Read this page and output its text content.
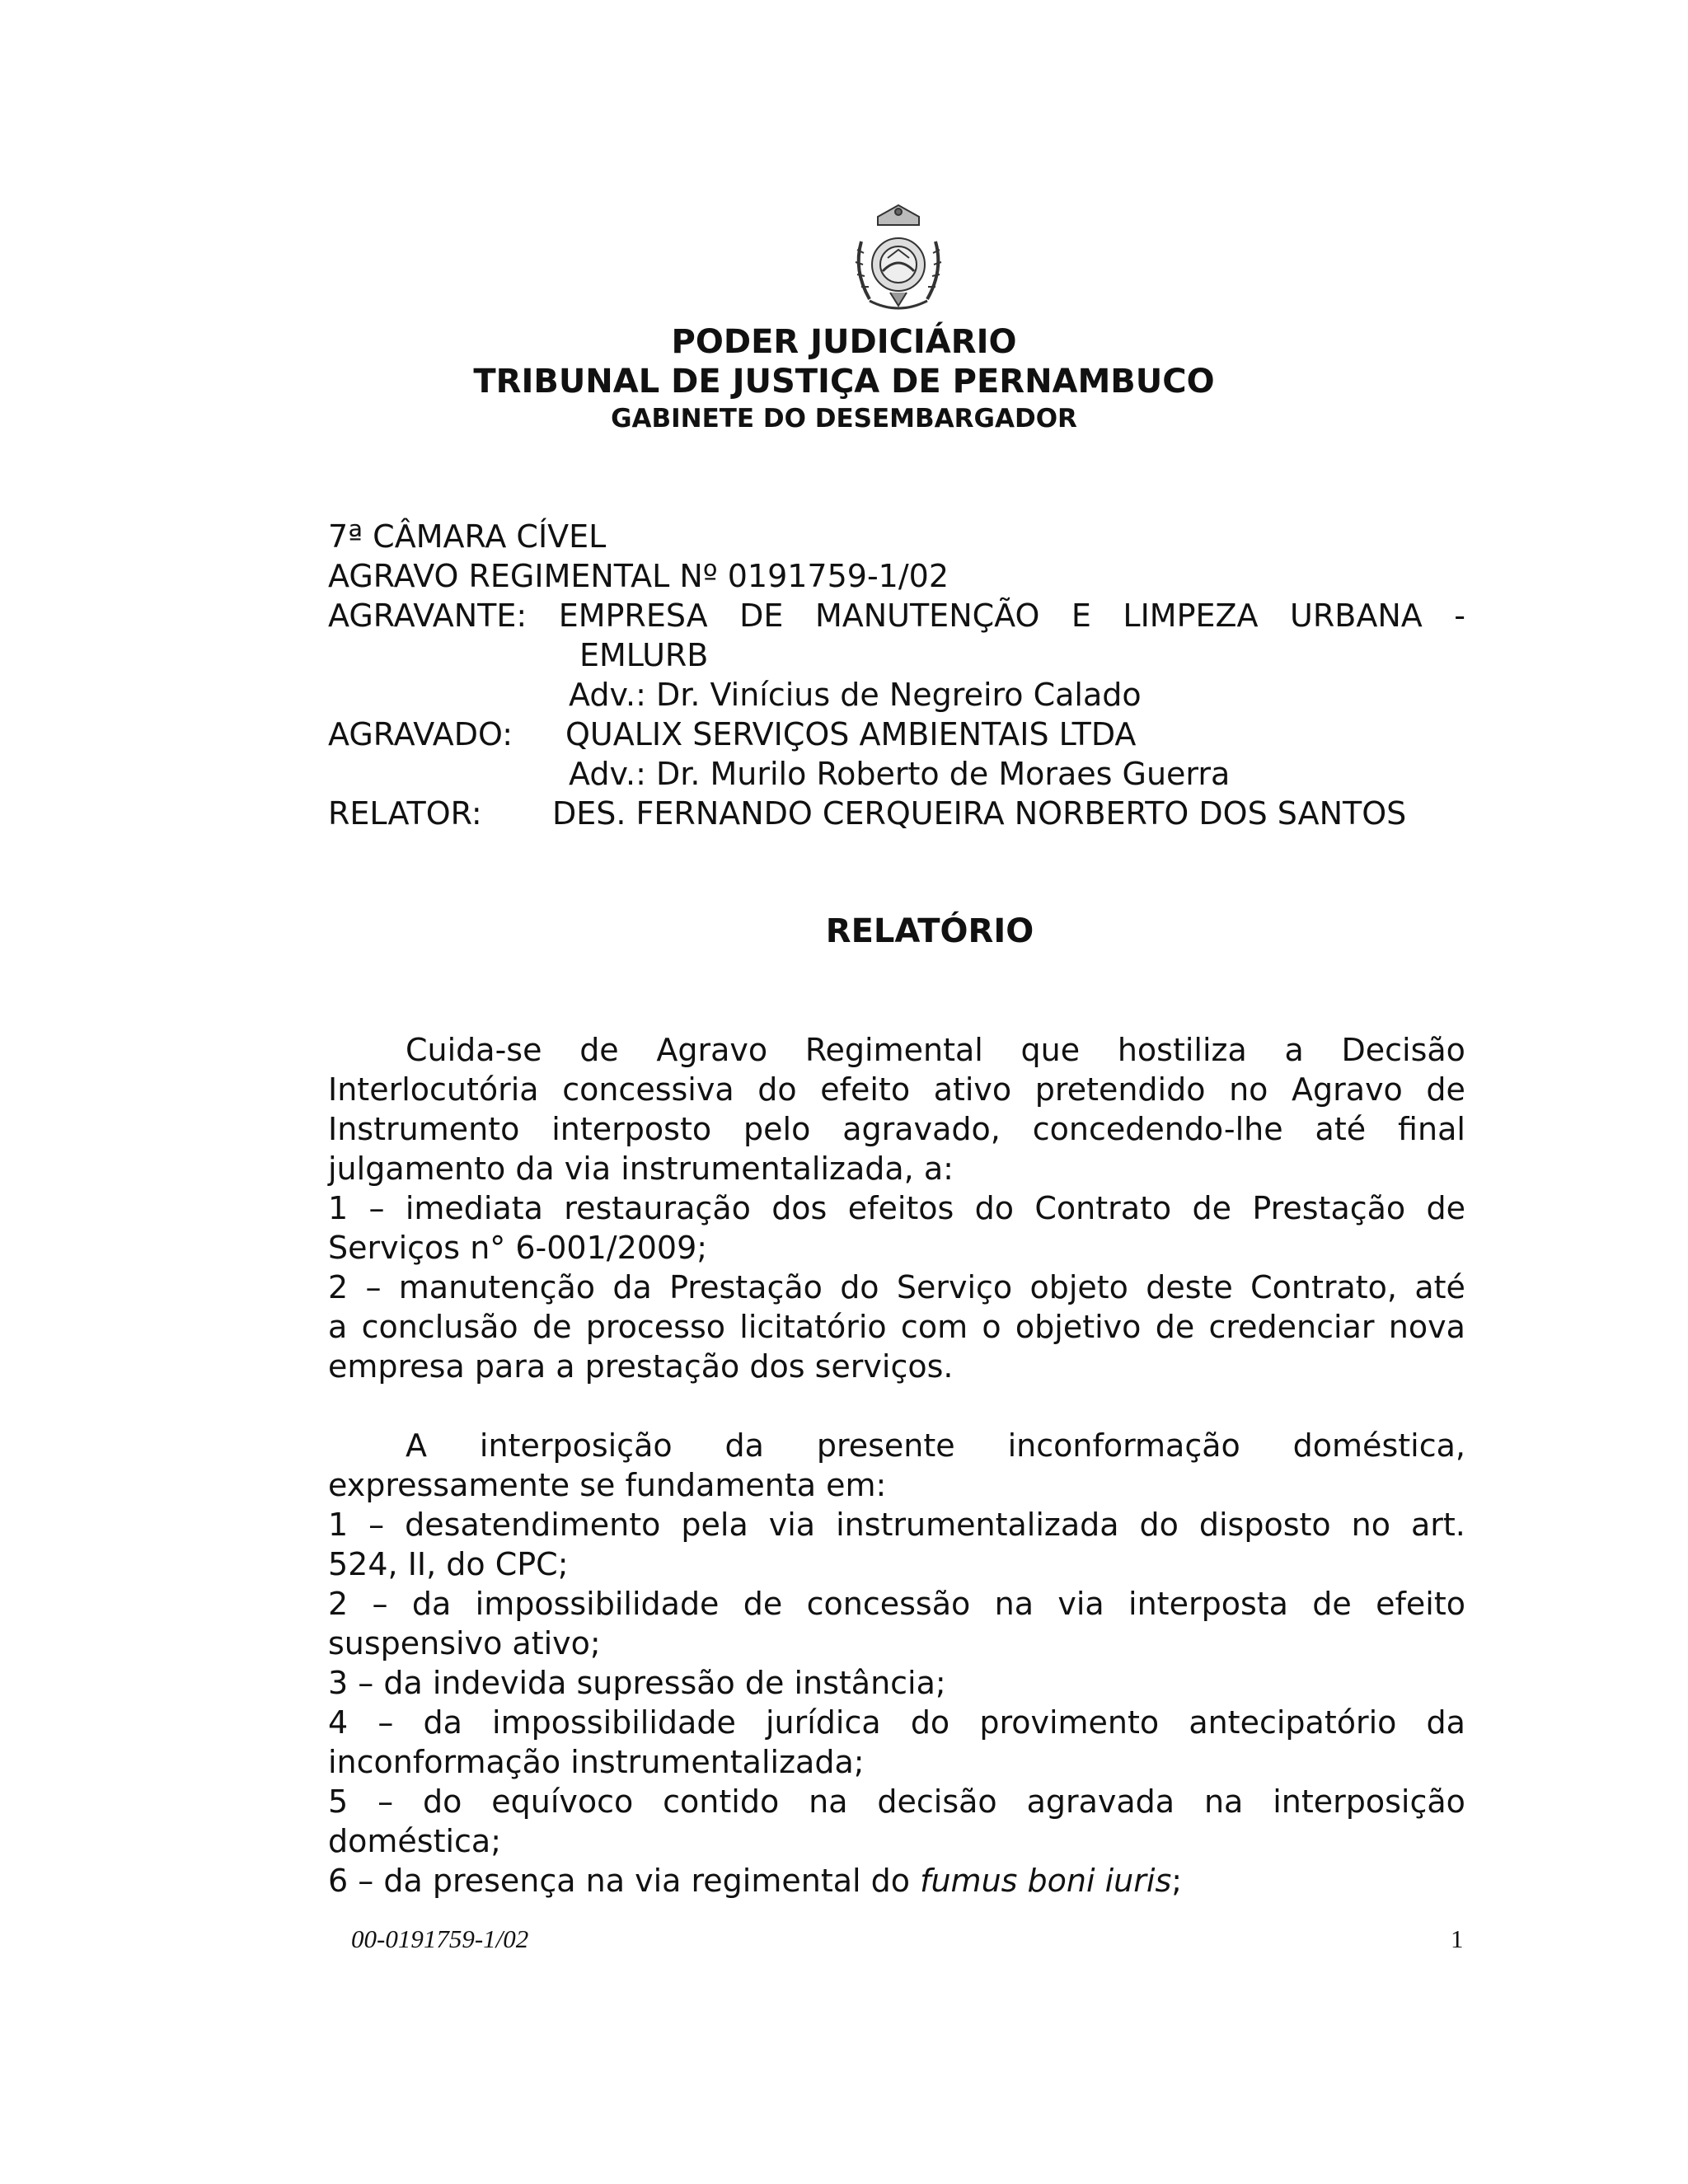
PODER JUDICIÁRIO
TRIBUNAL DE JUSTIÇA DE PERNAMBUCO
GABINETE DO DESEMBARGADOR
7ª CÂMARA CÍVEL
AGRAVO REGIMENTAL Nº 0191759-1/02
AGRAVANTE: EMPRESA DE MANUTENÇÃO E LIMPEZA URBANA -
EMLURB
Adv.: Dr. Vinícius de Negreiro Calado
AGRAVADO: QUALIX SERVIÇOS AMBIENTAIS LTDA
Adv.: Dr. Murilo Roberto de Moraes Guerra
RELATOR: DES. FERNANDO CERQUEIRA NORBERTO DOS SANTOS
RELATÓRIO
Cuida-se de Agravo Regimental que hostiliza a Decisão
Interlocutória concessiva do efeito ativo pretendido no Agravo de
Instrumento interposto pelo agravado, concedendo-lhe até final
julgamento da via instrumentalizada, a:
1 – imediata restauração dos efeitos do Contrato de Prestação de
Serviços n° 6-001/2009;
2 – manutenção da Prestação do Serviço objeto deste Contrato, até
a conclusão de processo licitatório com o objetivo de credenciar nova
empresa para a prestação dos serviços.
A interposição da presente inconformação doméstica,
expressamente se fundamenta em:
1 – desatendimento pela via instrumentalizada do disposto no art.
524, II, do CPC;
2 – da impossibilidade de concessão na via interposta de efeito
suspensivo ativo;
3 – da indevida supressão de instância;
4 – da impossibilidade jurídica do provimento antecipatório da
inconformação instrumentalizada;
5 – do equívoco contido na decisão agravada na interposição
doméstica;
6 – da presença na via regimental do fumus boni iuris;
00-0191759-1/02	1
